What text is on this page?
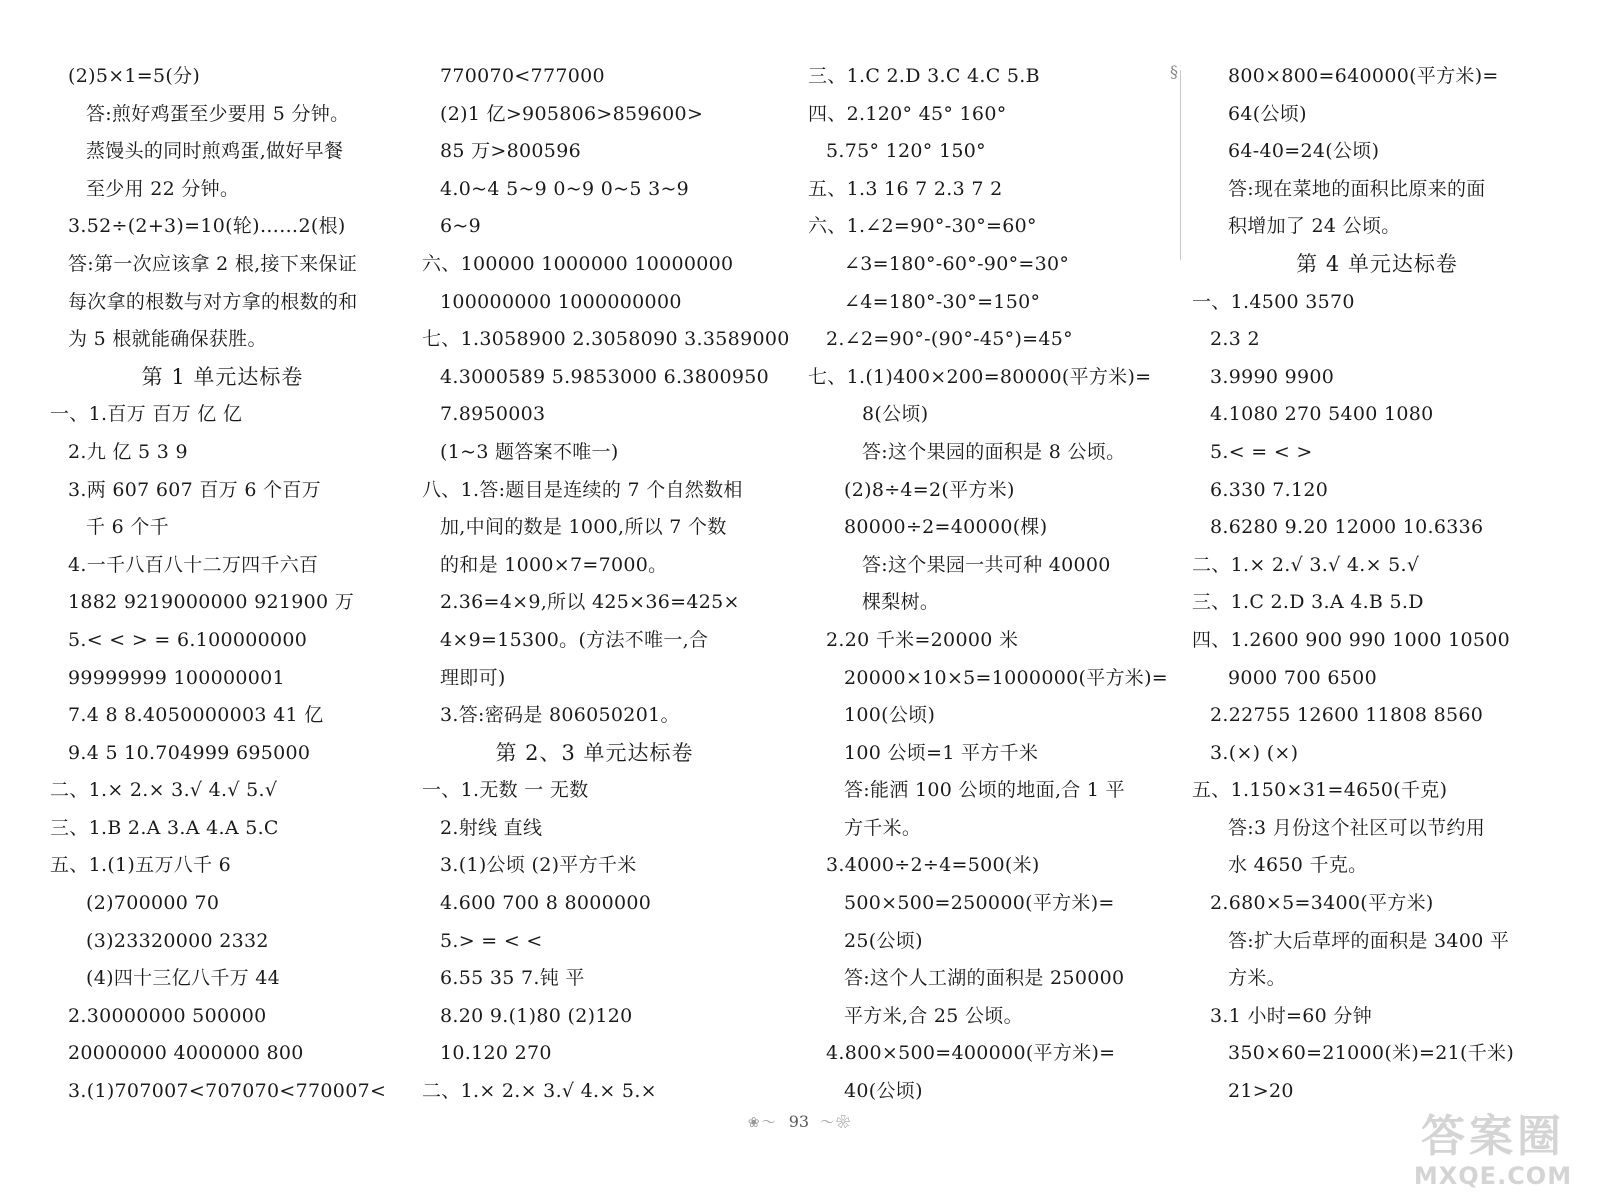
(2)5×1=5(分)
答:煎好鸡蛋至少要用 5 分钟。
蒸馒头的同时煎鸡蛋,做好早餐
至少用 22 分钟。
3.52÷(2+3)=10(轮)……2(根)
答:第一次应该拿 2 根,接下来保证
每次拿的根数与对方拿的根数的和
为 5 根就能确保获胜。
第 1 单元达标卷
一、1.百万 百万 亿 亿
2.九 亿 5 3 9
3.两 607 607 百万 6 个百万
千 6 个千
4.一千八百八十二万四千六百
1882 9219000000 921900 万
5.< < > = 6.100000000
99999999 100000001
7.4 8 8.4050000003 41 亿
9.4 5 10.704999 695000
二、1.× 2.× 3.√ 4.√ 5.√
三、1.B 2.A 3.A 4.A 5.C
五、1.(1)五万八千 6
(2)700000 70
(3)23320000 2332
(4)四十三亿八千万 44
2.30000000 500000
20000000 4000000 800
3.(1)707007<707070<770007<
770070<777000
(2)1 亿>905806>859600>
85 万>800596
4.0~4 5~9 0~9 0~5 3~9
6~9
六、100000 1000000 10000000
100000000 1000000000
七、1.3058900 2.3058090 3.3589000
4.3000589 5.9853000 6.3800950
7.8950003
(1~3 题答案不唯一)
八、1.答:题目是连续的 7 个自然数相
加,中间的数是 1000,所以 7 个数
的和是 1000×7=7000。
2.36=4×9,所以 425×36=425×
4×9=15300。(方法不唯一,合
理即可)
3.答:密码是 806050201。
第 2、3 单元达标卷
一、1.无数 一 无数
2.射线 直线
3.(1)公顷 (2)平方千米
4.600 700 8 8000000
5.> = < <
6.55 35 7.钝 平
8.20 9.(1)80 (2)120
10.120 270
二、1.× 2.× 3.√ 4.× 5.×
三、1.C 2.D 3.C 4.C 5.B
四、2.120° 45° 160°
5.75° 120° 150°
五、1.3 16 7 2.3 7 2
六、1.∠2=90°-30°=60°
∠3=180°-60°-90°=30°
∠4=180°-30°=150°
2.∠2=90°-(90°-45°)=45°
七、1.(1)400×200=80000(平方米)=
8(公顷)
答:这个果园的面积是 8 公顷。
(2)8÷4=2(平方米)
80000÷2=40000(棵)
答:这个果园一共可种 40000
棵梨树。
2.20 千米=20000 米
20000×10×5=1000000(平方米)=
100(公顷)
100 公顷=1 平方千米
答:能洒 100 公顷的地面,合 1 平
方千米。
3.4000÷2÷4=500(米)
500×500=250000(平方米)=
25(公顷)
答:这个人工湖的面积是 250000
平方米,合 25 公顷。
4.800×500=400000(平方米)=
40(公顷)
800×800=640000(平方米)=
64(公顷)
64-40=24(公顷)
答:现在菜地的面积比原来的面
积增加了 24 公顷。
第 4 单元达标卷
一、1.4500 3570
2.3 2
3.9990 9900
4.1080 270 5400 1080
5.< = < >
6.330 7.120
8.6280 9.20 12000 10.6336
二、1.× 2.√ 3.√ 4.× 5.√
三、1.C 2.D 3.A 4.B 5.D
四、1.2600 900 990 1000 10500
9000 700 6500
2.22755 12600 11808 8560
3.(×) (×)
五、1.150×31=4650(千克)
答:3 月份这个社区可以节约用
水 4650 千克。
2.680×5=3400(平方米)
答:扩大后草坪的面积是 3400 平
方米。
3.1 小时=60 分钟
350×60=21000(米)=21(千米)
21>20
§
❀～ 93 ～❀	答案圈
MXQE.COM
